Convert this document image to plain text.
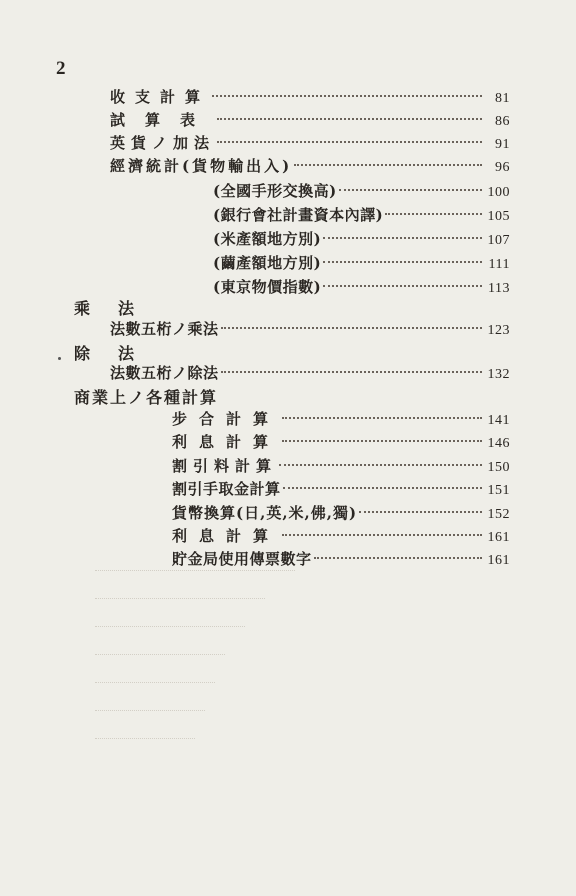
2
收支計算	81
試算表	86
英貨ノ加法	91
經濟統計(貨物輸出入)	96
(全國手形交換高)	100
(銀行會社計畫資本內譯)	105
(米產額地方別)	107
(繭產額地方別)	111
(東京物價指數)	113
乘 法
法數五桁ノ乘法	123
除 法
法數五桁ノ除法	132
商業上ノ各種計算
步合計算	141
利息計算	146
割引料計算	150
割引手取金計算	151
貨幣換算(日,英,米,佛,獨)	152
利息計算	161
貯金局使用傳票數字	161
